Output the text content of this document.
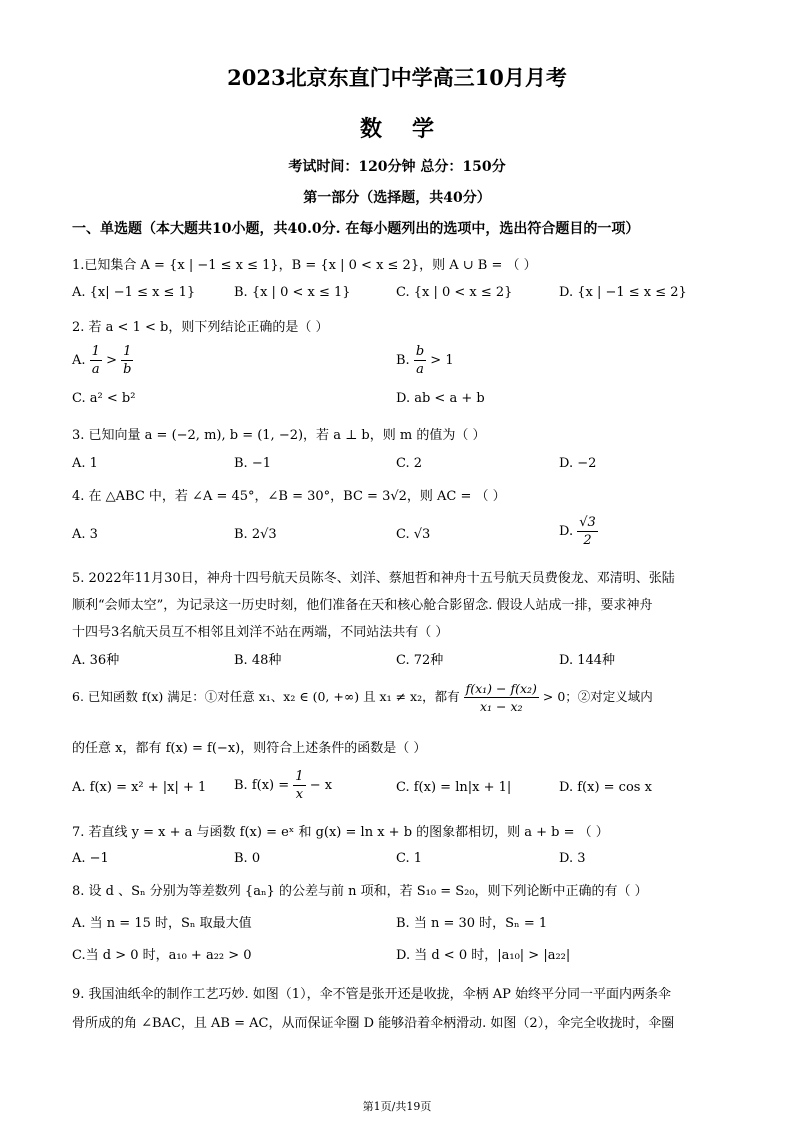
2023北京东直门中学高三10月月考
数学
考试时间：120分钟 总分：150分
第一部分（选择题，共40分）
一、单选题（本大题共10小题，共40.0分. 在每小题列出的选项中，选出符合题目的一项）
1.已知集合 A = {x | −1 ≤ x ≤ 1}，B = {x | 0 < x ≤ 2}，则 A ∪ B = （ ）
A. {x| −1 ≤ x ≤ 1}	B. {x | 0 < x ≤ 1}	C. {x | 0 < x ≤ 2}	D. {x | −1 ≤ x ≤ 2}
2. 若 a < 1 < b，则下列结论正确的是（ ）
A. $\frac{1}{a} > \frac{1}{b}$	B. $\frac{b}{a} > 1$
C. a² < b²	D. ab < a + b
3. 已知向量 a = (−2, m), b = (1, −2)，若 a ⊥ b，则 m 的值为（ ）
A. 1	B. −1	C. 2	D. −2
4. 在 △ABC 中，若 ∠A = 45°，∠B = 30°，BC = 3√2，则 AC = （ ）
A. 3	B. 2√3	C. √3	D. $\frac{√3}{2}$
5. 2022年11月30日，神舟十四号航天员陈冬、刘洋、蔡旭哲和神舟十五号航天员费俊龙、邓清明、张陆
顺利“会师太空”，为记录这一历史时刻，他们准备在天和核心舱合影留念. 假设人站成一排，要求神舟
十四号3名航天员互不相邻且刘洋不站在两端，不同站法共有（ ）
A. 36种	B. 48种	C. 72种	D. 144种
6. 已知函数 f(x) 满足：①对任意 x₁、x₂ ∈ (0, +∞) 且 x₁ ≠ x₂，都有 $\frac{\text{f(x₁) − f(x₂)}}{\text{x₁ − x₂}} > 0$；②对定义域内
的任意 x，都有 f(x) = f(−x)，则符合上述条件的函数是（ ）
A. f(x) = x² + |x| + 1 B. $f(x) = \frac{1}{x} - x$	C. f(x) = ln|x + 1|	D. f(x) = cos x
7. 若直线 y = x + a 与函数 f(x) = eˣ 和 g(x) = ln x + b 的图象都相切，则 a + b = （ ）
A. −1	B. 0	C. 1	D. 3
8. 设 d 、Sₙ 分别为等差数列 {aₙ} 的公差与前 n 项和，若 S₁₀ = S₂₀，则下列论断中正确的有（ ）
A. 当 n = 15 时，Sₙ 取最大值	B. 当 n = 30 时，Sₙ = 1
C.当 d > 0 时，a₁₀ + a₂₂ > 0	D. 当 d < 0 时，|a₁₀| > |a₂₂|
9. 我国油纸伞的制作工艺巧妙. 如图（1），伞不管是张开还是收拢，伞柄 AP 始终平分同一平面内两条伞
骨所成的角 ∠BAC，且 AB = AC，从而保证伞圈 D 能够沿着伞柄滑动. 如图（2），伞完全收拢时，伞圈
第1页/共19页
